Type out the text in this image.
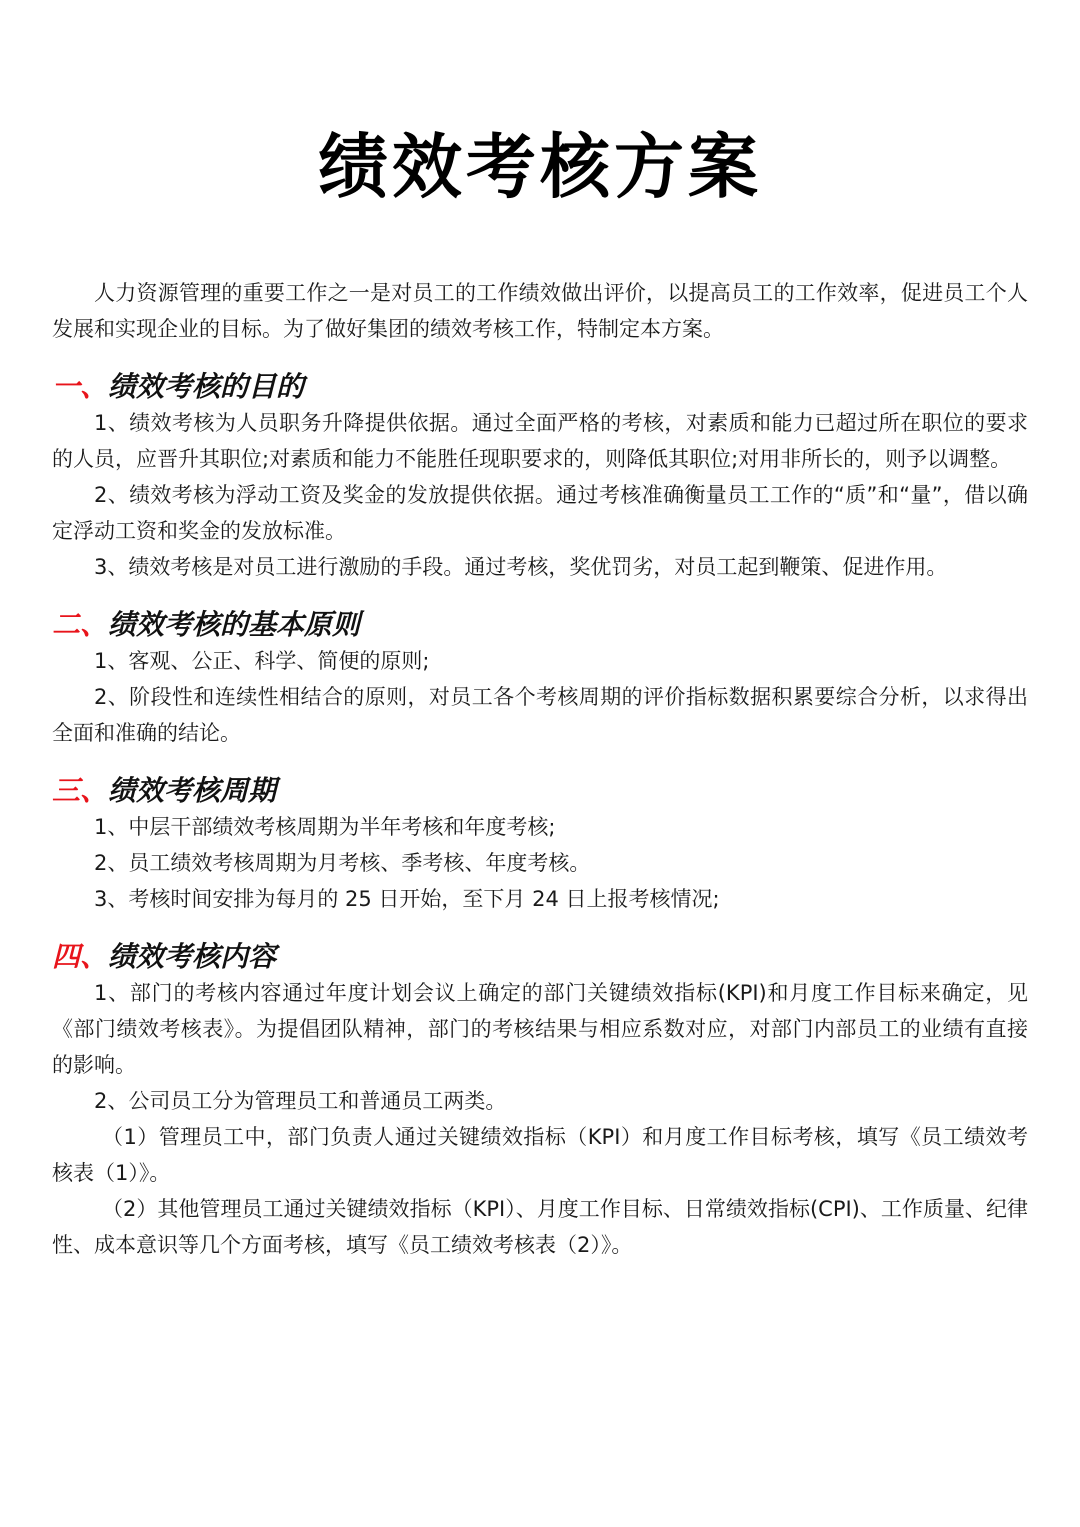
绩效考核方案

人力资源管理的重要工作之一是对员工的工作绩效做出评价，以提高员工的工作效率，促进员工个人发展和实现企业的目标。为了做好集团的绩效考核工作，特制定本方案。

一、绩效考核的目的

1、绩效考核为人员职务升降提供依据。通过全面严格的考核，对素质和能力已超过所在职位的要求的人员，应晋升其职位;对素质和能力不能胜任现职要求的，则降低其职位;对用非所长的，则予以调整。

2、绩效考核为浮动工资及奖金的发放提供依据。通过考核准确衡量员工工作的“质”和“量”，借以确定浮动工资和奖金的发放标准。

3、绩效考核是对员工进行激励的手段。通过考核，奖优罚劣，对员工起到鞭策、促进作用。

二、绩效考核的基本原则

1、客观、公正、科学、简便的原则;

2、阶段性和连续性相结合的原则，对员工各个考核周期的评价指标数据积累要综合分析，以求得出全面和准确的结论。

三、绩效考核周期

1、中层干部绩效考核周期为半年考核和年度考核;

2、员工绩效考核周期为月考核、季考核、年度考核。

3、考核时间安排为每月的 25 日开始，至下月 24 日上报考核情况;

四、绩效考核内容

1、部门的考核内容通过年度计划会议上确定的部门关键绩效指标(KPI)和月度工作目标来确定，见《部门绩效考核表》。为提倡团队精神，部门的考核结果与相应系数对应，对部门内部员工的业绩有直接的影响。

2、公司员工分为管理员工和普通员工两类。

（1）管理员工中，部门负责人通过关键绩效指标（KPI）和月度工作目标考核，填写《员工绩效考核表（1）》。

（2）其他管理员工通过关键绩效指标（KPI）、月度工作目标、日常绩效指标(CPI)、工作质量、纪律性、成本意识等几个方面考核，填写《员工绩效考核表（2）》。
